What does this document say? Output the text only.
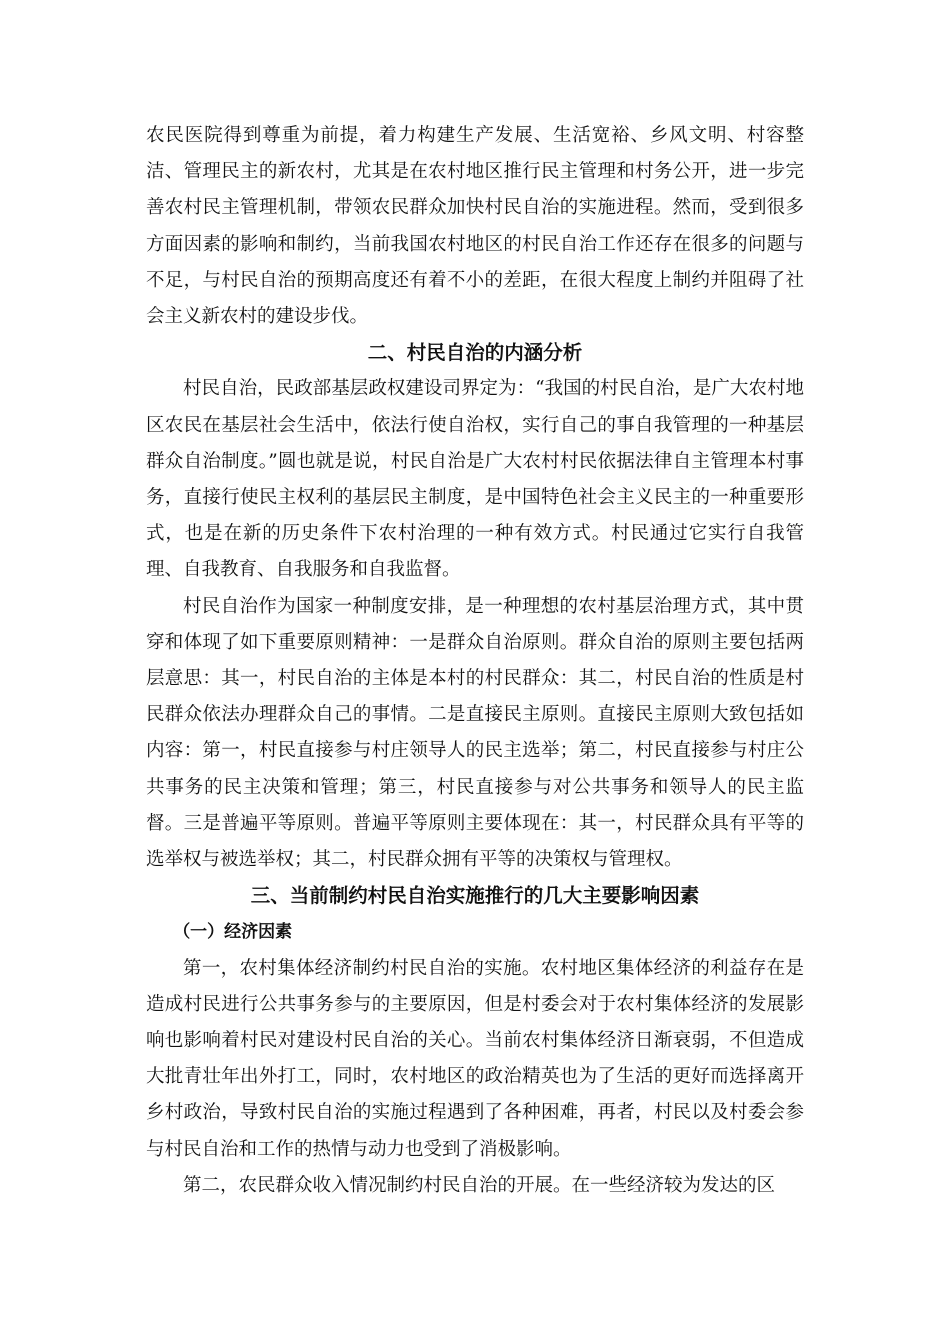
农民医院得到尊重为前提，着力构建生产发展、生活宽裕、乡风文明、村容整洁、管理民主的新农村，尤其是在农村地区推行民主管理和村务公开，进一步完善农村民主管理机制，带领农民群众加快村民自治的实施进程。然而，受到很多方面因素的影响和制约，当前我国农村地区的村民自治工作还存在很多的问题与不足，与村民自治的预期高度还有着不小的差距，在很大程度上制约并阻碍了社会主义新农村的建设步伐。

二、村民自治的内涵分析

村民自治，民政部基层政权建设司界定为：“我国的村民自治，是广大农村地区农民在基层社会生活中，依法行使自治权，实行自己的事自我管理的一种基层群众自治制度。”圆也就是说，村民自治是广大农村村民依据法律自主管理本村事务，直接行使民主权利的基层民主制度，是中国特色社会主义民主的一种重要形式，也是在新的历史条件下农村治理的一种有效方式。村民通过它实行自我管理、自我教育、自我服务和自我监督。

村民自治作为国家一种制度安排，是一种理想的农村基层治理方式，其中贯穿和体现了如下重要原则精神：一是群众自治原则。群众自治的原则主要包括两层意思：其一，村民自治的主体是本村的村民群众：其二，村民自治的性质是村民群众依法办理群众自己的事情。二是直接民主原则。直接民主原则大致包括如内容：第一，村民直接参与村庄领导人的民主选举；第二，村民直接参与村庄公共事务的民主决策和管理；第三，村民直接参与对公共事务和领导人的民主监督。三是普遍平等原则。普遍平等原则主要体现在：其一，村民群众具有平等的选举权与被选举权；其二，村民群众拥有平等的决策权与管理权。

三、当前制约村民自治实施推行的几大主要影响因素
（一）经济因素

第一，农村集体经济制约村民自治的实施。农村地区集体经济的利益存在是造成村民进行公共事务参与的主要原因，但是村委会对于农村集体经济的发展影响也影响着村民对建设村民自治的关心。当前农村集体经济日渐衰弱，不但造成大批青壮年出外打工，同时，农村地区的政治精英也为了生活的更好而选择离开乡村政治，导致村民自治的实施过程遇到了各种困难，再者，村民以及村委会参与村民自治和工作的热情与动力也受到了消极影响。

第二，农民群众收入情况制约村民自治的开展。在一些经济较为发达的区
